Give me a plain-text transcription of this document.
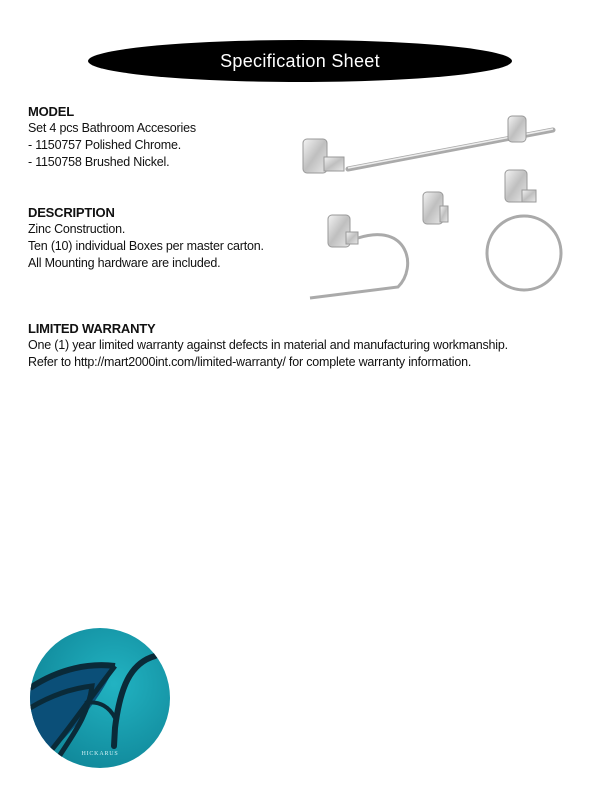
Specification Sheet
MODEL
Set 4 pcs Bathroom Accesories
- 1150757 Polished Chrome.
- 1150758 Brushed Nickel.
DESCRIPTION
Zinc Construction.
Ten (10) individual Boxes per master carton.
All Mounting hardware are included.
LIMITED WARRANTY
One (1) year limited warranty against defects in material and manufacturing workmanship.
Refer to http://mart2000int.com/limited-warranty/ for complete warranty information.
HICKARUS
